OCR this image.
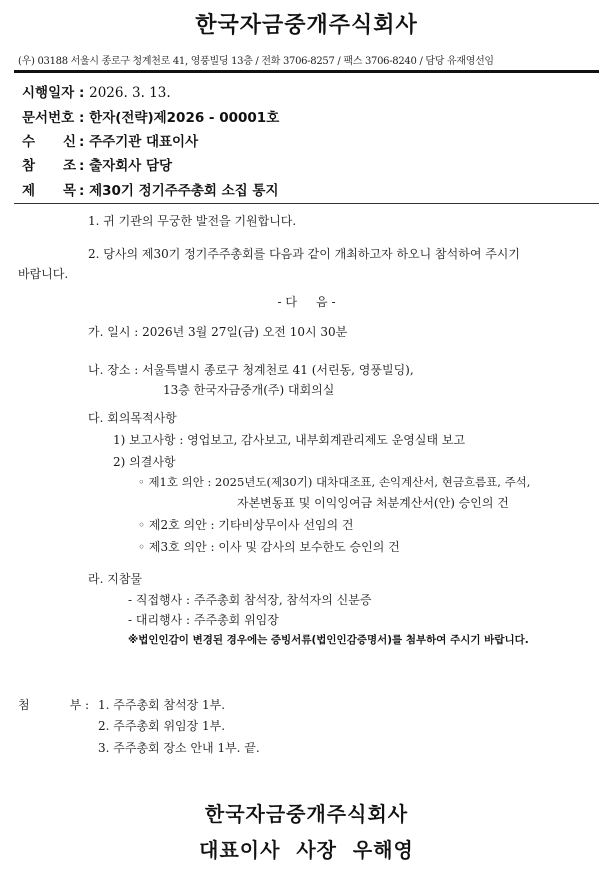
한국자금중개주식회사
(우) 03188 서울시 종로구 청계천로 41, 영풍빌딩 13층 / 전화 3706-8257 / 팩스 3706-8240 / 담당 유재영선임
시행일자 : 2026. 3. 13.
문서번호 : 한자(전략)제2026 - 00001호
수 신 : 주주기관 대표이사
참 조 : 출자회사 담당
제 목 : 제30기 정기주주총회 소집 통지
1. 귀 기관의 무궁한 발전을 기원합니다.
2. 당사의 제30기 정기주주총회를 다음과 같이 개최하고자 하오니 참석하여 주시기
바랍니다.
- 다     음 -
가. 일시 : 2026년 3월 27일(금) 오전 10시 30분
나. 장소 : 서울특별시 종로구 청계천로 41 (서린동, 영풍빌딩),
13층 한국자금중개(주) 대회의실
다. 회의목적사항
1) 보고사항 : 영업보고, 감사보고, 내부회계관리제도 운영실태 보고
2) 의결사항
◦ 제1호 의안 : 2025년도(제30기) 대차대조표, 손익계산서, 현금흐름표, 주석,
자본변동표 및 이익잉여금 처분계산서(안) 승인의 건
◦ 제2호 의안 : 기타비상무이사 선임의 건
◦ 제3호 의안 : 이사 및 감사의 보수한도 승인의 건
라. 지참물
- 직접행사 : 주주총회 참석장, 참석자의 신분증
- 대리행사 : 주주총회 위임장
※법인인감이 변경된 경우에는 증빙서류(법인인감증명서)를 첨부하여 주시기 바랍니다.
첨	부 : 1. 주주총회 참석장 1부.
2. 주주총회 위임장 1부.
3. 주주총회 장소 안내 1부. 끝.
한국자금중개주식회사
대표이사  사장  우해영
